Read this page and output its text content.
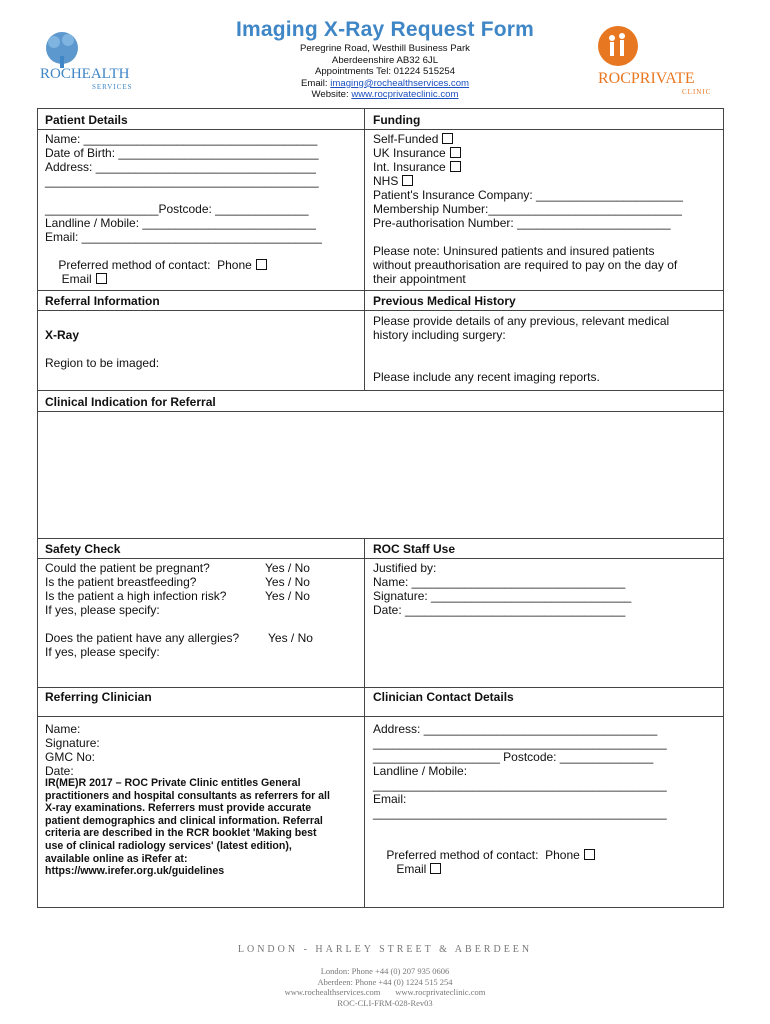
ROCHEALTH
SERVICES	ROCPRIVATE
CLINIC
Imaging X-Ray Request Form
Peregrine Road, Westhill Business Park
Aberdeenshire AB32 6JL
Appointments Tel: 01224 515254
Email: imaging@rochealthservices.com
Website: www.rocprivateclinic.com
Patient Details
Name: ___________________________________
Date of Birth: ______________________________
Address: _________________________________
_________________________________________
_________________Postcode: ______________
Landline / Mobile: __________________________
Email: ____________________________________

Preferred method of contact:  Phone
Email

Funding
Self-Funded
UK Insurance
Int. Insurance
NHS
Patient's Insurance Company: ______________________
Membership Number:_____________________________
Pre-authorisation Number: _______________________
Please note: Uninsured patients and insured patients
without preauthorisation are required to pay on the day of
their appointment
Referral Information
X-Ray
Region to be imaged:
Previous Medical History
Please provide details of any previous, relevant medical
history including surgery:
Please include any recent imaging reports.
Clinical Indication for Referral
Safety Check
Could the patient be pregnant?	Yes / No
Is the patient breastfeeding?	Yes / No
Is the patient a high infection risk?	Yes / No
If yes, please specify:
Does the patient have any allergies? Yes / No
If yes, please specify:
ROC Staff Use
Justified by:
Name: ________________________________
Signature: ______________________________
Date: _________________________________
Referring Clinician
Name:
Signature:
GMC No:
Date:
IR(ME)R 2017 – ROC Private Clinic entitles General practitioners and hospital consultants as referrers for all X-ray examinations. Referrers must provide accurate patient demographics and clinical information. Referral criteria are described in the RCR booklet 'Making best use of clinical radiology services' (latest edition), available online as iRefer at: https://www.irefer.org.uk/guidelines
Clinician Contact Details
Address: ___________________________________
____________________________________________
___________________ Postcode: ______________
Landline / Mobile:
____________________________________________
Email:
____________________________________________

Preferred method of contact:  Phone
Email

LONDON - HARLEY STREET & ABERDEEN
London: Phone +44 (0) 207 935 0606
Aberdeen: Phone +44 (0) 1224 515 254
www.rochealthservices.com       www.rocprivateclinic.com
ROC-CLI-FRM-028-Rev03
